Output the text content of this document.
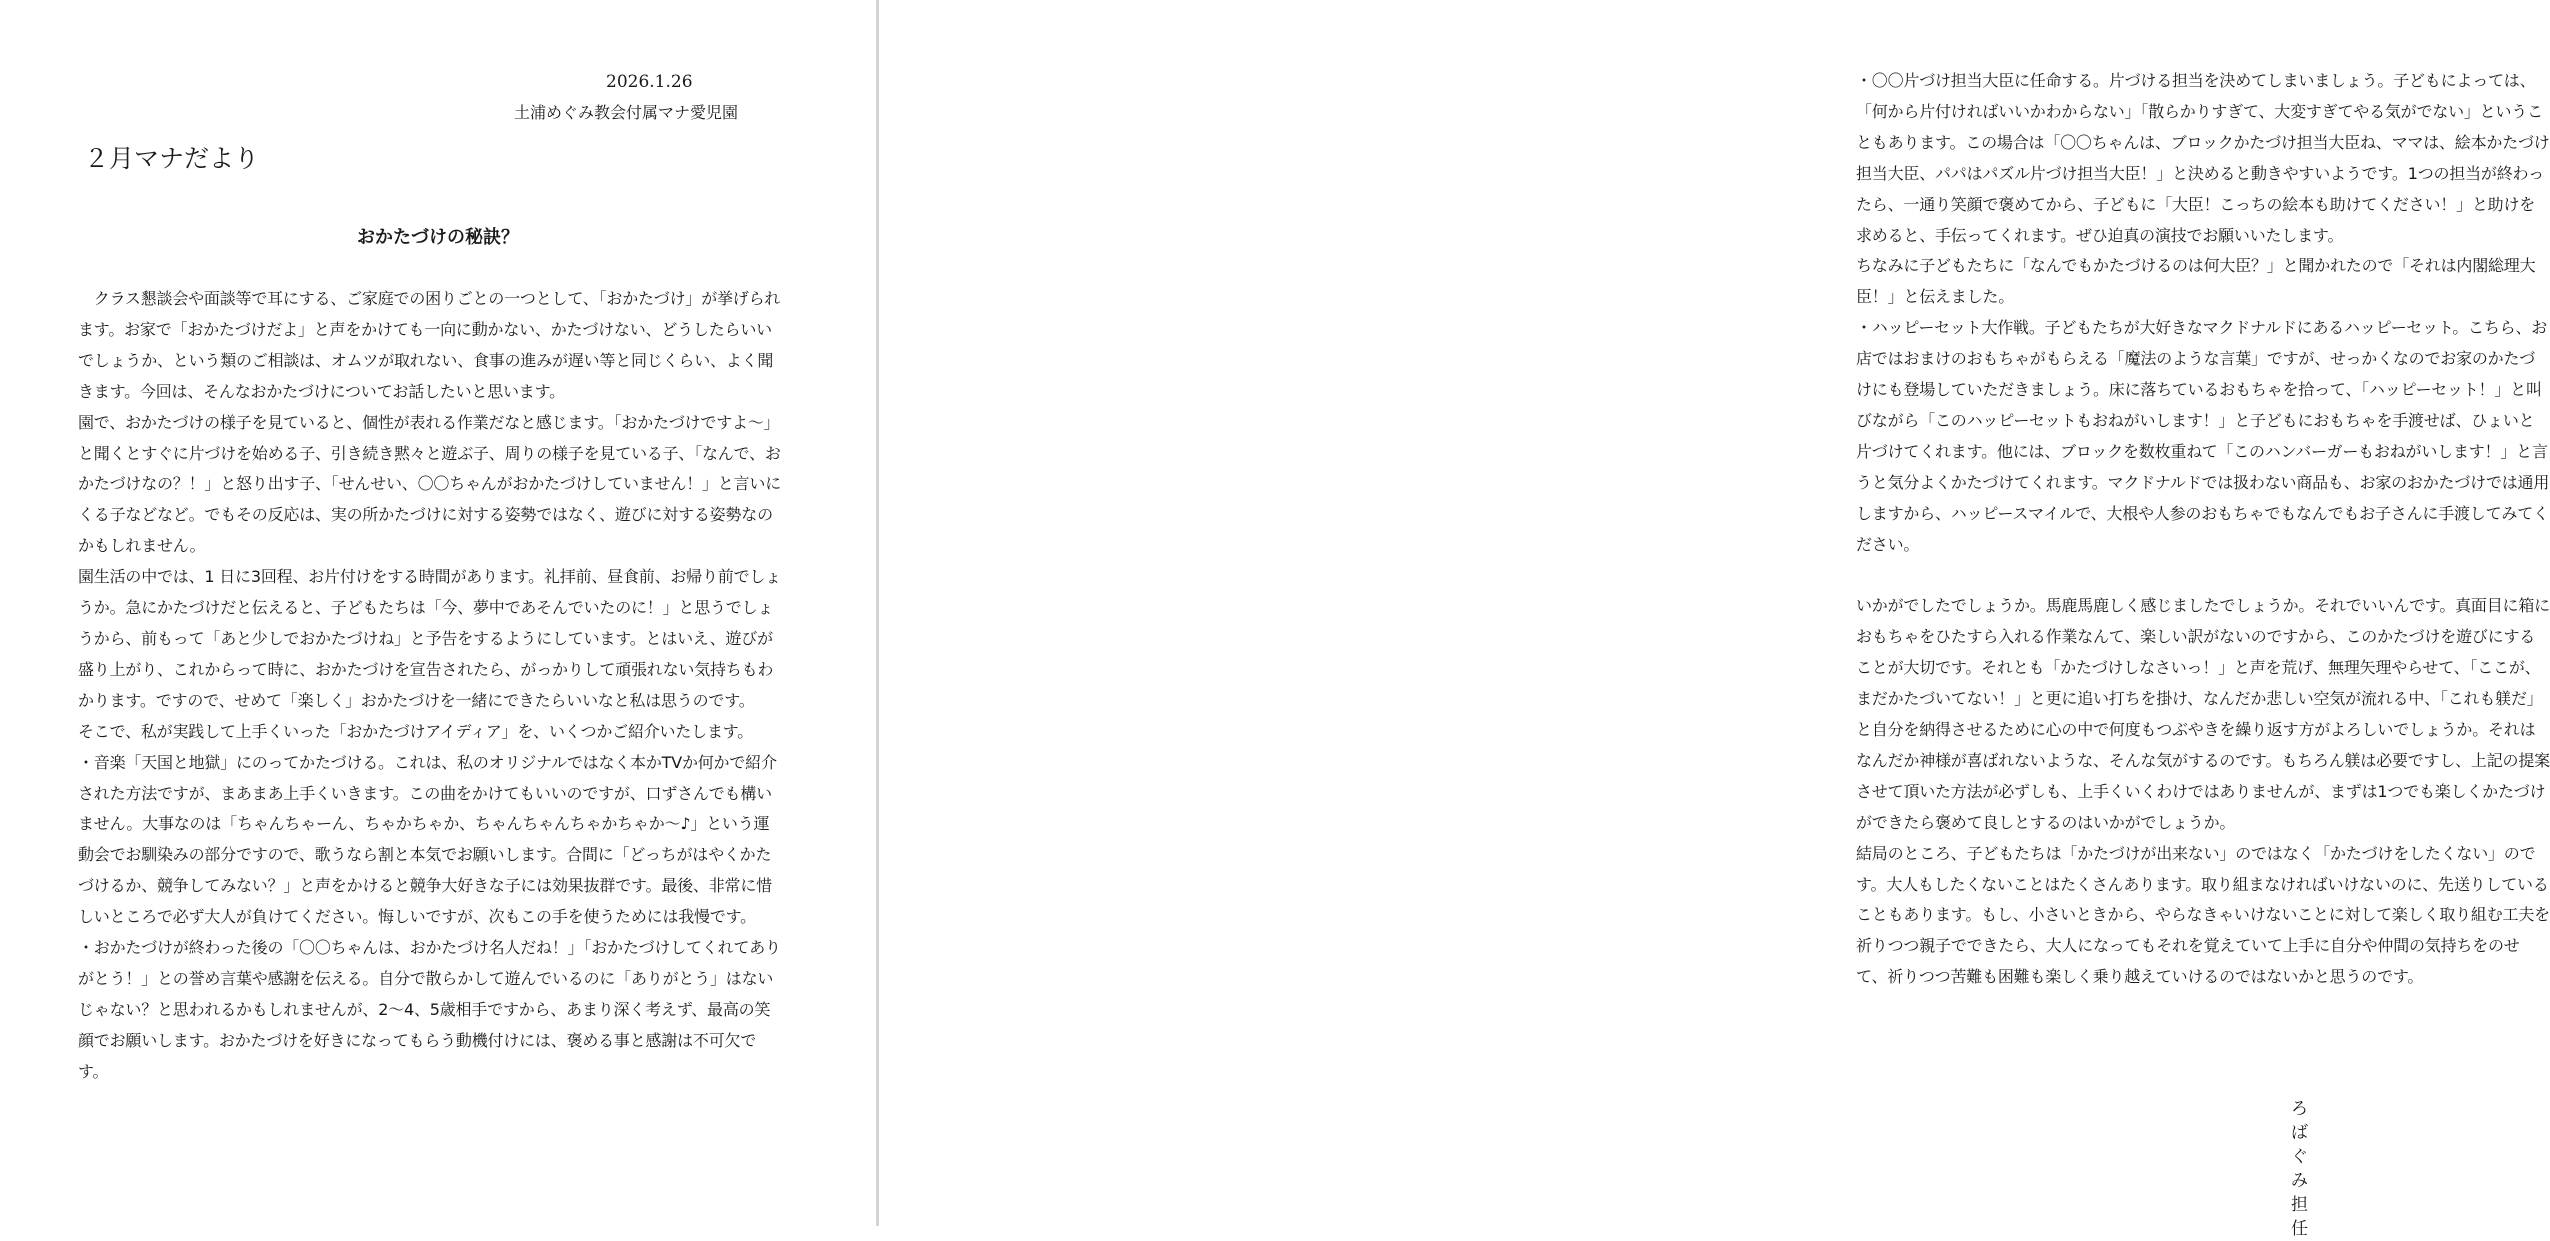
2026.1.26

土浦めぐみ教会付属マナ愛児園

２月マナだより
おかたづけの秘訣？

　クラス懇談会や面談等で耳にする、ご家庭での困りごとの一つとして、「おかたづけ」が挙げられます。お家で「おかたづけだよ」と声をかけても一向に動かない、かたづけない、どうしたらいいでしょうか、という類のご相談は、オムツが取れない、食事の進みが遅い等と同じくらい、よく聞きます。今回は、そんなおかたづけについてお話したいと思います。

園で、おかたづけの様子を見ていると、個性が表れる作業だなと感じます。「おかたづけですよ～」と聞くとすぐに片づけを始める子、引き続き黙々と遊ぶ子、周りの様子を見ている子、「なんで、おかたづけなの？！」と怒り出す子、「せんせい、〇〇ちゃんがおかたづけしていません！」と言いにくる子などなど。でもその反応は、実の所かたづけに対する姿勢ではなく、遊びに対する姿勢なのかもしれません。

園生活の中では、1 日に3回程、お片付けをする時間があります。礼拝前、昼食前、お帰り前でしょうか。急にかたづけだと伝えると、子どもたちは「今、夢中であそんでいたのに！」と思うでしょうから、前もって「あと少しでおかたづけね」と予告をするようにしています。とはいえ、遊びが盛り上がり、これからって時に、おかたづけを宣告されたら、がっかりして頑張れない気持ちもわかります。ですので、せめて「楽しく」おかたづけを一緒にできたらいいなと私は思うのです。

そこで、私が実践して上手くいった「おかたづけアイディア」を、いくつかご紹介いたします。

・音楽「天国と地獄」にのってかたづける。これは、私のオリジナルではなく本かTVか何かで紹介された方法ですが、まあまあ上手くいきます。この曲をかけてもいいのですが、口ずさんでも構いません。大事なのは「ちゃんちゃーん、ちゃかちゃか、ちゃんちゃんちゃかちゃか～♪」という運動会でお馴染みの部分ですので、歌うなら割と本気でお願いします。合間に「どっちがはやくかたづけるか、競争してみない？」と声をかけると競争大好きな子には効果抜群です。最後、非常に惜しいところで必ず大人が負けてください。悔しいですが、次もこの手を使うためには我慢です。

・おかたづけが終わった後の「〇〇ちゃんは、おかたづけ名人だね！」「おかたづけしてくれてありがとう！」との誉め言葉や感謝を伝える。自分で散らかして遊んでいるのに「ありがとう」はないじゃない？と思われるかもしれませんが、2～4、5歳相手ですから、あまり深く考えず、最高の笑顔でお願いします。おかたづけを好きになってもらう動機付けには、褒める事と感謝は不可欠です。

・〇〇片づけ担当大臣に任命する。片づける担当を決めてしまいましょう。子どもによっては、「何から片付ければいいかわからない」「散らかりすぎて、大変すぎてやる気がでない」ということもあります。この場合は「〇〇ちゃんは、ブロックかたづけ担当大臣ね、ママは、絵本かたづけ担当大臣、パパはパズル片づけ担当大臣！」と決めると動きやすいようです。1つの担当が終わったら、一通り笑顔で褒めてから、子どもに「大臣！こっちの絵本も助けてください！」と助けを求めると、手伝ってくれます。ぜひ迫真の演技でお願いいたします。

ちなみに子どもたちに「なんでもかたづけるのは何大臣？」と聞かれたので「それは内閣総理大臣！」と伝えました。

・ハッピーセット大作戦。子どもたちが大好きなマクドナルドにあるハッピーセット。こちら、お店ではおまけのおもちゃがもらえる「魔法のような言葉」ですが、せっかくなのでお家のかたづけにも登場していただきましょう。床に落ちているおもちゃを拾って、「ハッピーセット！」と叫びながら「このハッピーセットもおねがいします！」と子どもにおもちゃを手渡せば、ひょいと片づけてくれます。他には、ブロックを数枚重ねて「このハンバーガーもおねがいします！」と言うと気分よくかたづけてくれます。マクドナルドでは扱わない商品も、お家のおかたづけでは通用しますから、ハッピースマイルで、大根や人参のおもちゃでもなんでもお子さんに手渡してみてください。

いかがでしたでしょうか。馬鹿馬鹿しく感じましたでしょうか。それでいいんです。真面目に箱におもちゃをひたすら入れる作業なんて、楽しい訳がないのですから、このかたづけを遊びにすることが大切です。それとも「かたづけしなさいっ！」と声を荒げ、無理矢理やらせて、「ここが、まだかたづいてない！」と更に追い打ちを掛け、なんだか悲しい空気が流れる中、「これも躾だ」と自分を納得させるために心の中で何度もつぶやきを繰り返す方がよろしいでしょうか。それはなんだか神様が喜ばれないような、そんな気がするのです。もちろん躾は必要ですし、上記の提案させて頂いた方法が必ずしも、上手くいくわけではありませんが、まずは1つでも楽しくかたづけができたら褒めて良しとするのはいかがでしょうか。

結局のところ、子どもたちは「かたづけが出来ない」のではなく「かたづけをしたくない」のです。大人もしたくないことはたくさんあります。取り組まなければいけないのに、先送りしていることもあります。もし、小さいときから、やらなきゃいけないことに対して楽しく取り組む工夫を祈りつつ親子でできたら、大人になってもそれを覚えていて上手に自分や仲間の気持ちをのせて、祈りつつ苦難も困難も楽しく乗り越えていけるのではないかと思うのです。

ろばぐみ担任
